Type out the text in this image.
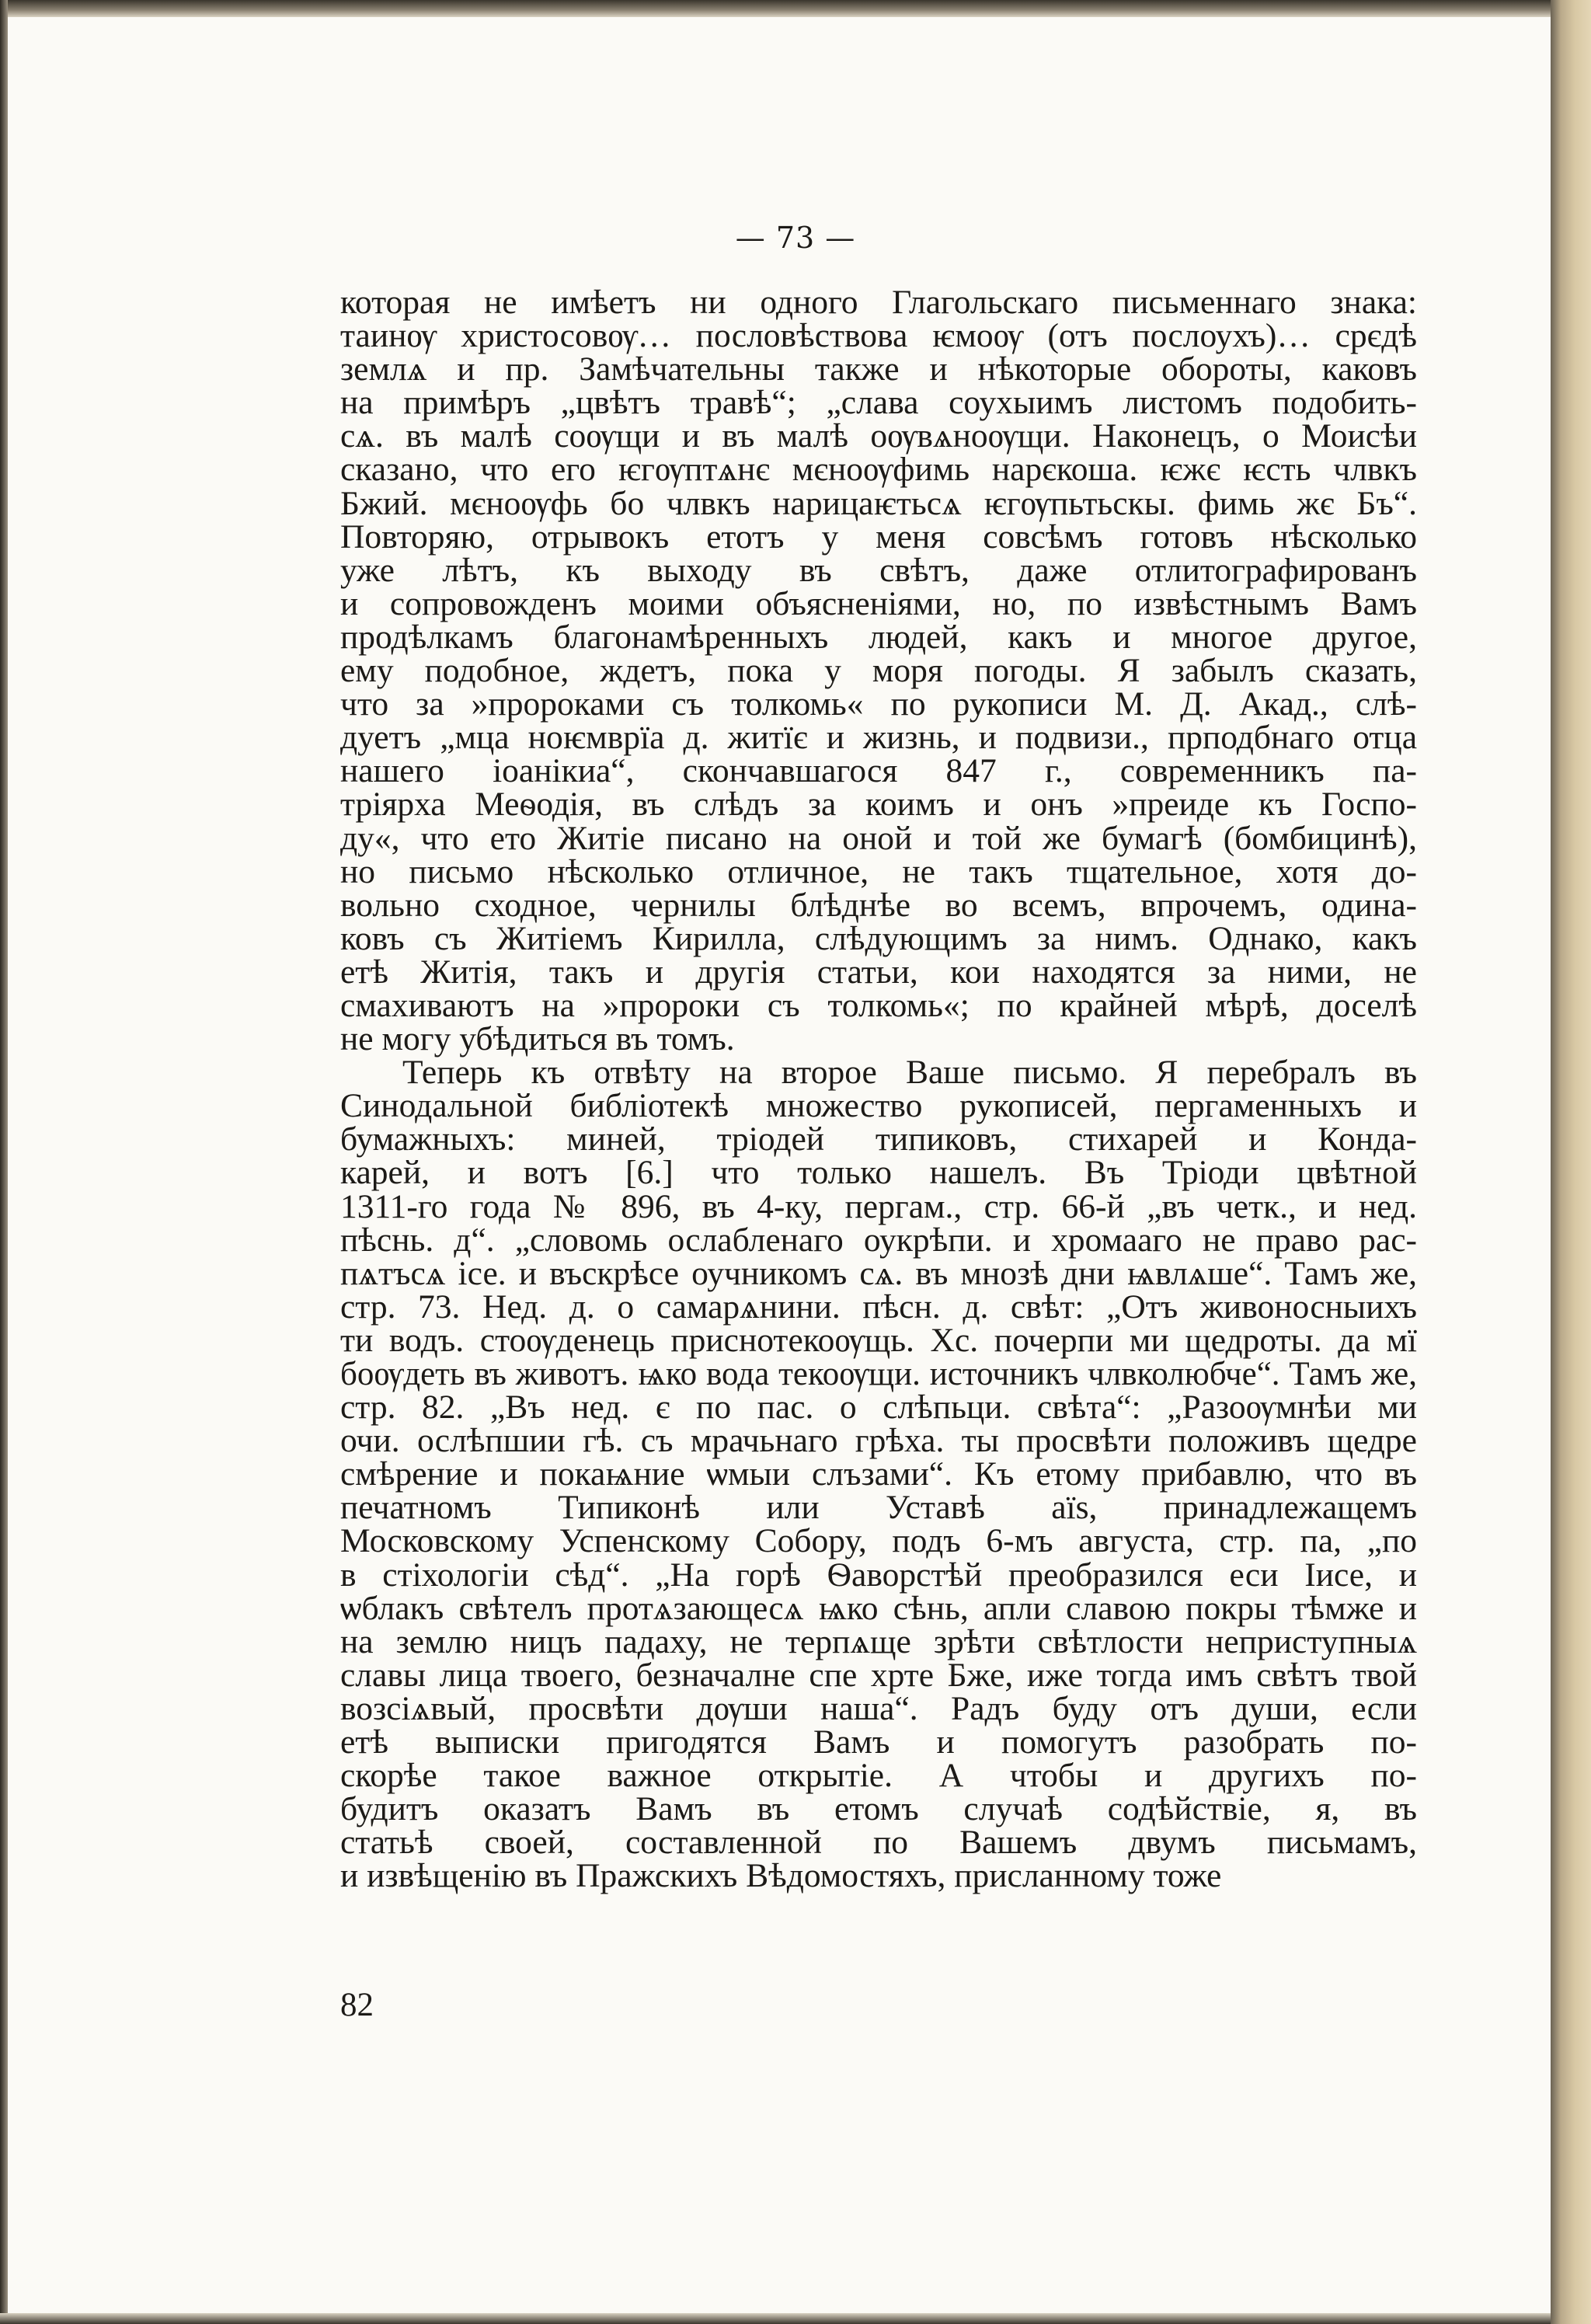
— 73 —
которая не имѣетъ ни одного Глагольскаго письменнаго знака:
таинѹ христосовѹ… пословѣствова ѥмоѹ (отъ послоухъ)… срєдѣ
землѧ и пр. Замѣчательны также и нѣкоторые обороты, каковъ
на примѣръ „цвѣтъ травѣ“; „слава соухыимъ листомъ подобить-
сѧ. въ малѣ соѹщи и въ малѣ оѹвѧноѹщи. Наконецъ, о Моисѣи
сказано, что его ѥгѹптѧнє мєноѹфимь нарєкоша. ѥжє ѥсть члвкъ
Бжий. мєноѹфь бо члвкъ нарицаѥтьсѧ ѥгѹпьтьскы. фимь жє Бъ“.
Повторяю, отрывокъ етотъ у меня совсѣмъ готовъ нѣсколько
уже лѣтъ, къ выходу въ свѣтъ, даже отлитографированъ
и сопровожденъ моими объясненіями, но, по извѣстнымъ Вамъ
продѣлкамъ благонамѣренныхъ людей, какъ и многое другое,
ему подобное, ждетъ, пока у моря погоды. Я забылъ сказать,
что за »пророками съ толкомь« по рукописи М. Д. Акад., слѣ-
дуетъ „мца ноѥмврїа д. житїє и жизнь, и подвизи., прподбнаго отца
нашего іоанікиа“, скончавшагося 847 г., современникъ па-
тріярха Меѳодія, въ слѣдъ за коимъ и онъ »преиде къ Госпо-
ду«, что ето Житіе писано на оной и той же бумагѣ (бомбицинѣ),
но письмо нѣсколько отличное, не такъ тщательное, хотя до-
вольно сходное, чернилы блѣднѣе во всемъ, впрочемъ, одина-
ковъ съ Житіемъ Кирилла, слѣдующимъ за нимъ. Однако, какъ
етѣ Житія, такъ и другія статьи, кои находятся за ними, не
смахиваютъ на »пророки съ толкомь«; по крайней мѣрѣ, доселѣ
не могу убѣдиться въ томъ.
Теперь къ отвѣту на второе Ваше письмо. Я перебралъ въ
Синодальной библіотекѣ множество рукописей, пергаменныхъ и
бумажныхъ: миней, тріодей типиковъ, стихарей и Конда-
карей, и вотъ [6.] что только нашелъ. Въ Тріоди цвѣтной
1311-го года № 896, въ 4-ку, пергам., стр. 66-й „въ четк., и нед.
пѣснь. д“. „словомь ослабленаго оукрѣпи. и хромааго не право рас-
пѧтъсѧ ісе. и въскрѣсе оучникомъ сѧ. въ мнозѣ дни ѩвлѧше“. Тамъ же,
стр. 73. Нед. д. о самарѧнини. пѣсн. д. свѣт: „Отъ живоносныихъ
ти водъ. стоѹденець приснотекоѹщь. Хс. почерпи ми щедроты. да мї
боѹдеть въ животъ. ѩко вода текоѹщи. источникъ члвколюбче“. Тамъ же,
стр. 82. „Въ нед. є по пас. о слѣпьци. свѣта“: „Разоѹмнѣи ми
очи. ослѣпшии гѣ. съ мрачьнаго грѣха. ты просвѣти положивъ щедре
смѣрение и покаѩние ѡмыи слъзами“. Къ етому прибавлю, что въ
печатномъ Типиконѣ или Уставѣ аїѕ, принадлежащемъ
Московскому Успенскому Собору, подъ 6-мъ августа, стр. па, „по
в стіхологіи сѣд“. „На горѣ Ѳаворстѣй преобразился еси Іисе, и
ѡблакъ свѣтелъ протѧзающесѧ ѩко сѣнь, апли славою покры тѣмже и
на землю ницъ падаху, не терпѧще зрѣти свѣтлости неприступныѧ
славы лица твоего, безначалне спе хрте Бже, иже тогда имъ свѣтъ твой
возсіѧвый, просвѣти дѹши наша“. Радъ буду отъ души, если
етѣ выписки пригодятся Вамъ и помогутъ разобрать по-
скорѣе такое важное открытіе. А чтобы и другихъ по-
будитъ оказатъ Вамъ въ етомъ случаѣ содѣйствіе, я, въ
статьѣ своей, составленной по Вашемъ двумъ письмамъ,
и извѣщенію въ Пражскихъ Вѣдомостяхъ, присланному тоже
82
